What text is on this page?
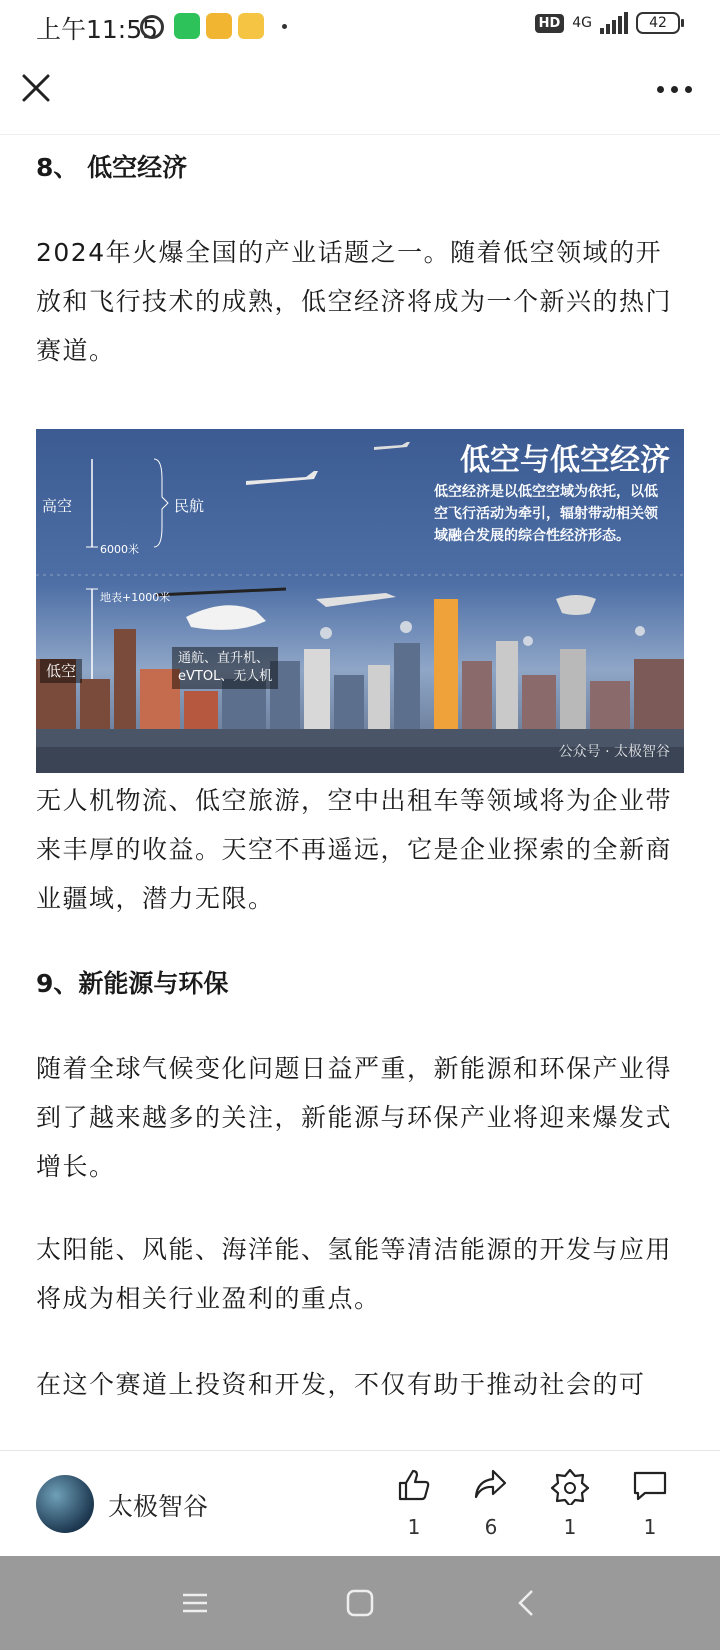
上午11:55	HD 4G	42
8、 低空经济

2024年火爆全国的产业话题之一。随着低空领域的开放和飞行技术的成熟，低空经济将成为一个新兴的热门赛道。

低空与低空经济
低空经济是以低空空域为依托，以低空飞行活动为牵引，辐射带动相关领域融合发展的综合性经济形态。
高空	民航
6000米
地表+1000米
低空
通航、直升机、
eVTOL、无人机
公众号 · 太极智谷

无人机物流、低空旅游，空中出租车等领域将为企业带来丰厚的收益。天空不再遥远，它是企业探索的全新商业疆域，潜力无限。

9、新能源与环保

随着全球气候变化问题日益严重，新能源和环保产业得到了越来越多的关注，新能源与环保产业将迎来爆发式增长。

太阳能、风能、海洋能、氢能等清洁能源的开发与应用将成为相关行业盈利的重点。

在这个赛道上投资和开发，不仅有助于推动社会的可

太极智谷
1	6	1	1
